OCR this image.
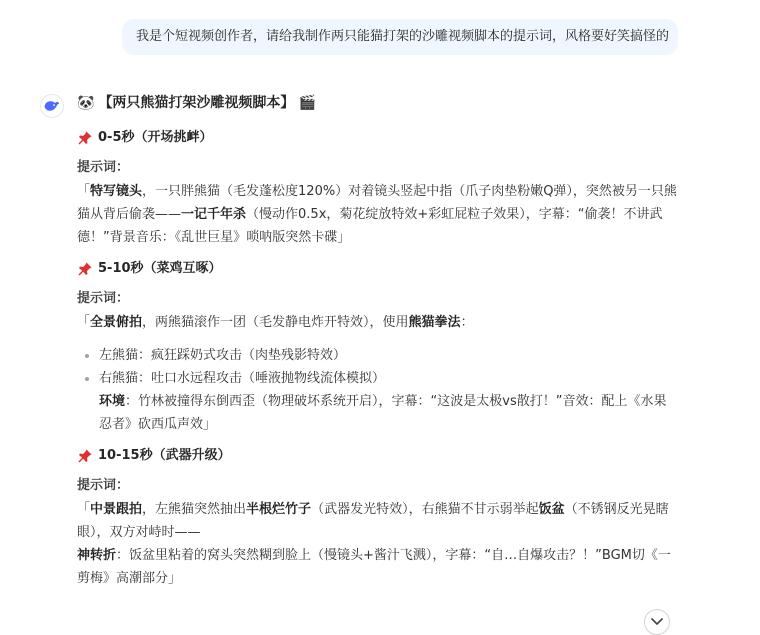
我是个短视频创作者，请给我制作两只能猫打架的沙雕视频脚本的提示词，风格要好笑搞怪的
🐼 【两只熊猫打架沙雕视频脚本】 🎬
0-5秒（开场挑衅）
提示词：

「特写镜头，一只胖熊猫（毛发蓬松度120%）对着镜头竖起中指（爪子肉垫粉嫩Q弹），突然被另一只熊猫从背后偷袭——一记千年杀（慢动作0.5x，菊花绽放特效+彩虹屁粒子效果），字幕：“偷袭！不讲武德！”背景音乐：《乱世巨星》唢呐版突然卡碟」

5-10秒（菜鸡互啄）
提示词：

「全景俯拍，两熊猫滚作一团（毛发静电炸开特效），使用熊猫拳法：

左熊猫：疯狂踩奶式攻击（肉垫残影特效）
右熊猫：吐口水远程攻击（唾液抛物线流体模拟）

环境：竹林被撞得东倒西歪（物理破坏系统开启），字幕：“这波是太极vs散打！”音效：配上《水果忍者》砍西瓜声效」

10-15秒（武器升级）
提示词：

「中景跟拍，左熊猫突然抽出半根烂竹子（武器发光特效），右熊猫不甘示弱举起饭盆（不锈钢反光晃瞎眼），双方对峙时——

神转折：饭盆里粘着的窝头突然糊到脸上（慢镜头+酱汁飞溅），字幕：“自…自爆攻击？！”BGM切《一剪梅》高潮部分」
